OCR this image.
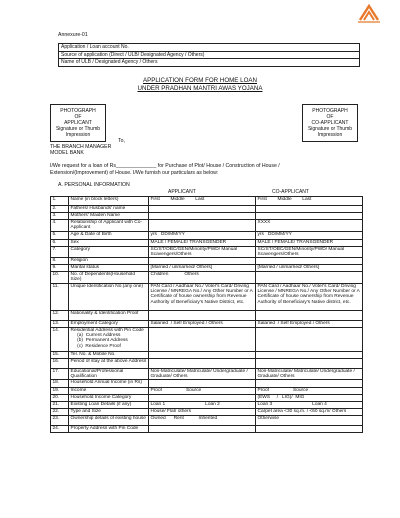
Annexure-01
Application / Loan account No.
Source of application (Direct / ULB/ Designated Agency / Others)
Name of ULB / Designated Agency / Others
APPLICATION FORM FOR HOME LOAN
UNDER PRADHAN MANTRI AWAS YOJANA
PHOTOGRAPH
OF
APPLICANT
Signature or Thumb
Impression
PHOTOGRAPH
OF
CO-APPLICANT
Signature or Thumb
Impression
To,
THE BRANCH MANAGER
MODEL BANK
I/We request for a loan of Rs______________ for Purchase of Plot/ House / Construction of House /
Extension/(Improvement) of House. I/We furnish our particulars as below:
A. PERSONAL INFORMATION
APPLICANT	CO-APPLICANT
1.	Name (in block letters)	First        Middle        Last	First        Middle        Last
2.	Fathers/ Husbands' name		
3.	Mothers' Maiden Name		
4.	Relationship of Applicant with Co-Applicant		XXXX
5.	Age & Date of Birth	yrs   DD/MM/YY	yrs   DD/MM/YY
6.	Sex	MALE / FEMALE/ TRANSGENDER	MALE / FEMALE/ TRANSGENDER
7.	Category	SC/ST/OBC/GEN/Minority/PWD/ Manual Scavengers/Others	SC/ST/OBC/GEN/Minority/PWD/ Manual Scavengers/Others
8.	Religion		
9.	Marital status	[Married / unmarried/ Others]	[Married / unmarried/ Others]
10.	No. of Dependents(Household Size)	Children            Others	
11.	Unique Identification No.(any one)	PAN Card / Aadhaar No./ Voter's Card/ Driving License / MNREGA No./ Any Other Number or A Certificate of house ownership from Revenue Authority of Beneficiary's Native District, etc.	PAN Card / Aadhaar No./ Voter's Card/ Driving License / MNREGA No./ Any Other Number or A Certificate of house ownership from Revenue Authority of Beneficiary's Native district, etc.
12.	Nationality & Identification Proof		
13.	Employment Category	Salaried  / Self Employed / Others	Salaried  / Self Employed / Others
14.	Residential Address with Pin Code
(a)  Current Address
(b)  Permanent Address
(c)  Residence Proof		
15.	Tel. No. & Mobile No.		
16.	Period of stay at the above Address		
17.	Educational/Professional Qualification	Non-Matriculate/ Matriculate/ Undergraduate / Graduate/ Others	Non-Matriculate/ Matriculate/ Undergraduate / Graduate/ Others
18.	Household Annual Income (in Rs)		
19.	Income	Proof                  Source	Proof                  Source
20.	Household Income Category		(EWS     /   LIG)/  MIG
21.	Existing Loan Details (if any)	Loan 1                              Loan 2	Loan 3                              Loan 4
22.	Type and Size	House/ Flat/ others	Carpet area <30 sq.m. / <60 sq.m/ Others
23.	Ownership details of existing house	Owned      Rent           Inherited	Otherwise
24.	Property Address with Pin Code		
